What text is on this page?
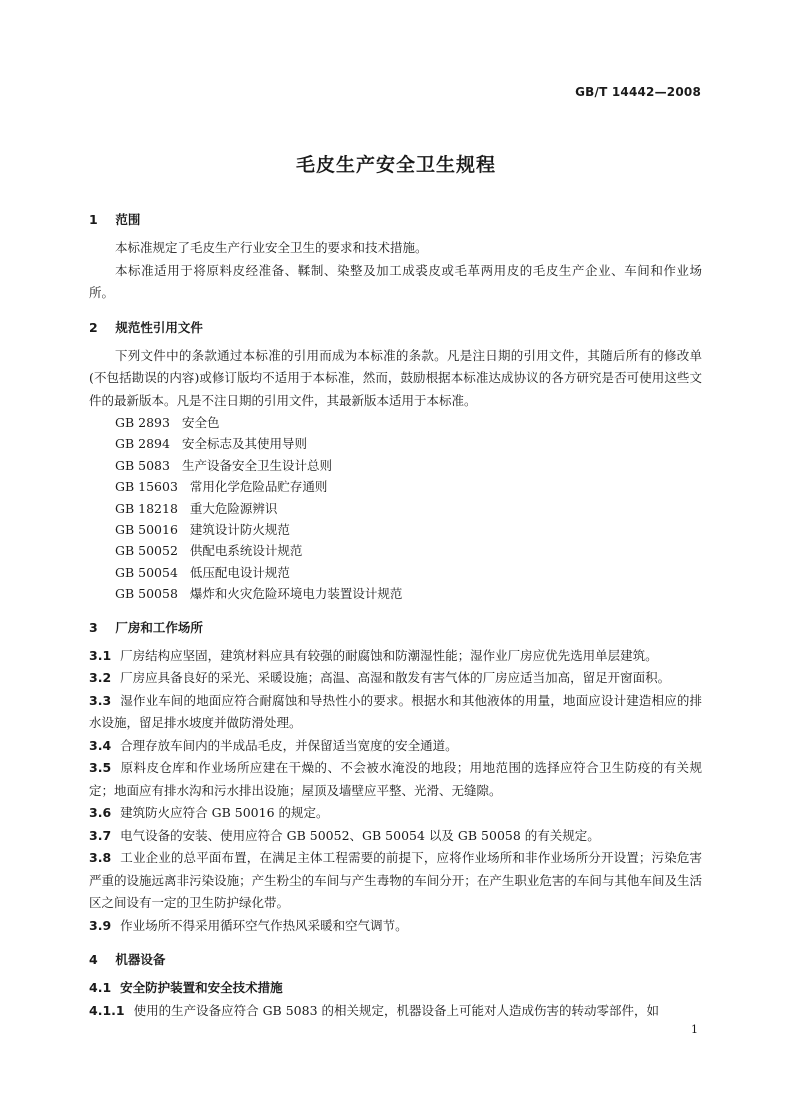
GB/T 14442—2008
毛皮生产安全卫生规程
1 范围

本标准规定了毛皮生产行业安全卫生的要求和技术措施。

本标准适用于将原料皮经准备、鞣制、染整及加工成裘皮或毛革两用皮的毛皮生产企业、车间和作业场所。

2 规范性引用文件

下列文件中的条款通过本标准的引用而成为本标准的条款。凡是注日期的引用文件，其随后所有的修改单(不包括勘误的内容)或修订版均不适用于本标准，然而，鼓励根据本标准达成协议的各方研究是否可使用这些文件的最新版本。凡是不注日期的引用文件，其最新版本适用于本标准。

GB 2893 安全色
GB 2894 安全标志及其使用导则
GB 5083 生产设备安全卫生设计总则
GB 15603 常用化学危险品贮存通则
GB 18218 重大危险源辨识
GB 50016 建筑设计防火规范
GB 50052 供配电系统设计规范
GB 50054 低压配电设计规范
GB 50058 爆炸和火灾危险环境电力装置设计规范
3 厂房和工作场所

3.1 厂房结构应坚固，建筑材料应具有较强的耐腐蚀和防潮湿性能；湿作业厂房应优先选用单层建筑。

3.2 厂房应具备良好的采光、采暖设施；高温、高湿和散发有害气体的厂房应适当加高，留足开窗面积。

3.3 湿作业车间的地面应符合耐腐蚀和导热性小的要求。根据水和其他液体的用量，地面应设计建造相应的排水设施，留足排水坡度并做防滑处理。

3.4 合理存放车间内的半成品毛皮，并保留适当宽度的安全通道。

3.5 原料皮仓库和作业场所应建在干燥的、不会被水淹没的地段；用地范围的选择应符合卫生防疫的有关规定；地面应有排水沟和污水排出设施；屋顶及墙壁应平整、光滑、无缝隙。

3.6 建筑防火应符合 GB 50016 的规定。

3.7 电气设备的安装、使用应符合 GB 50052、GB 50054 以及 GB 50058 的有关规定。

3.8 工业企业的总平面布置，在满足主体工程需要的前提下，应将作业场所和非作业场所分开设置；污染危害严重的设施远离非污染设施；产生粉尘的车间与产生毒物的车间分开；在产生职业危害的车间与其他车间及生活区之间设有一定的卫生防护绿化带。

3.9 作业场所不得采用循环空气作热风采暖和空气调节。

4 机器设备
4.1 安全防护装置和安全技术措施

4.1.1 使用的生产设备应符合 GB 5083 的相关规定，机器设备上可能对人造成伤害的转动零部件，如

1
